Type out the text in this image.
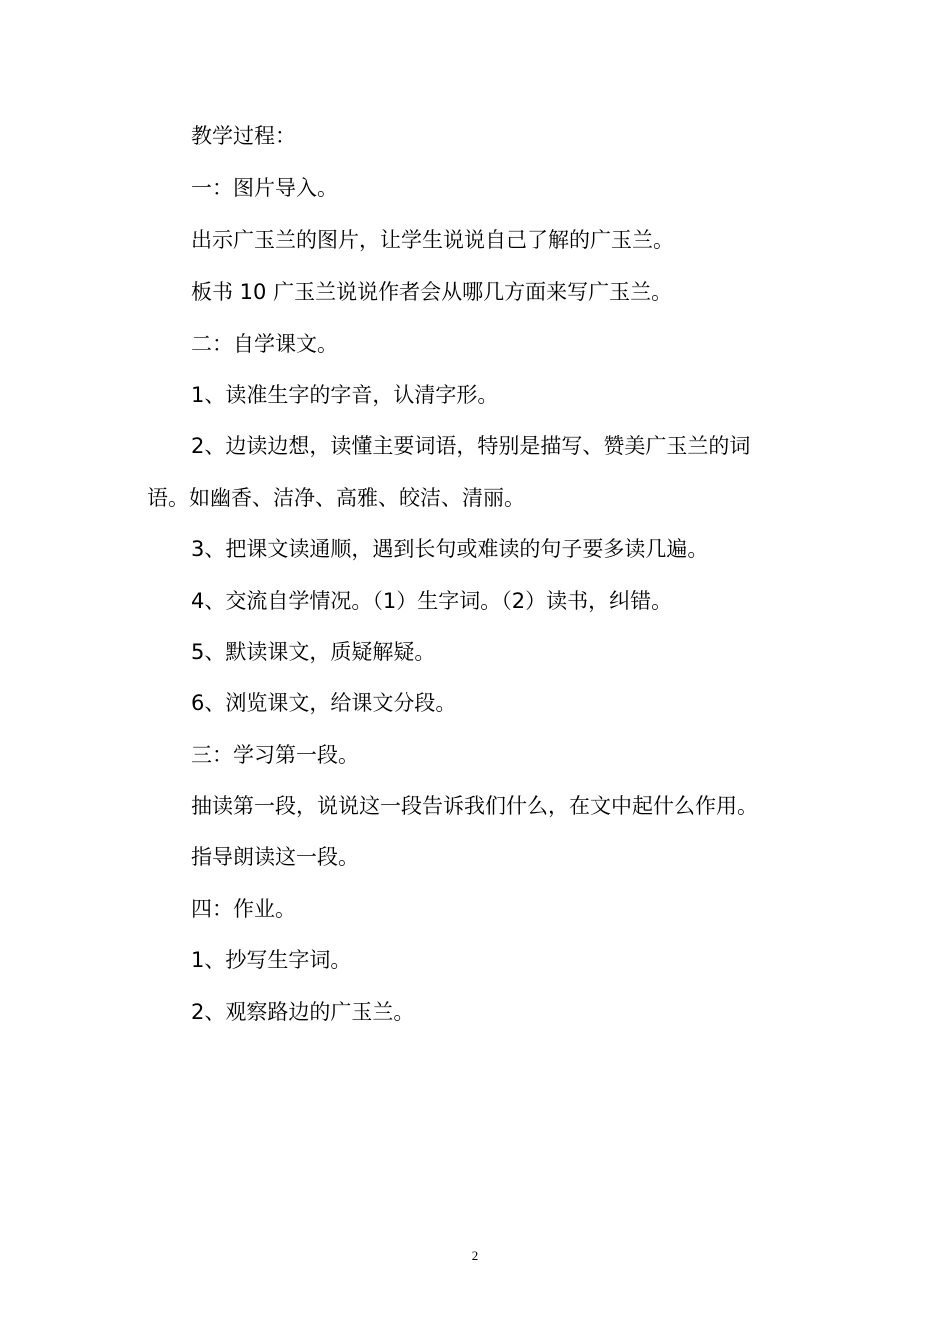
教学过程：
一：图片导入。
出示广玉兰的图片，让学生说说自己了解的广玉兰。
板书 10 广玉兰说说作者会从哪几方面来写广玉兰。
二：自学课文。
1、读准生字的字音，认清字形。
2、边读边想，读懂主要词语，特别是描写、赞美广玉兰的词
语。如幽香、洁净、高雅、皎洁、清丽。
3、把课文读通顺，遇到长句或难读的句子要多读几遍。
4、交流自学情况。（1）生字词。（2）读书，纠错。
5、默读课文，质疑解疑。
6、浏览课文，给课文分段。
三：学习第一段。
抽读第一段，说说这一段告诉我们什么，在文中起什么作用。
指导朗读这一段。
四：作业。
1、抄写生字词。
2、观察路边的广玉兰。
2
